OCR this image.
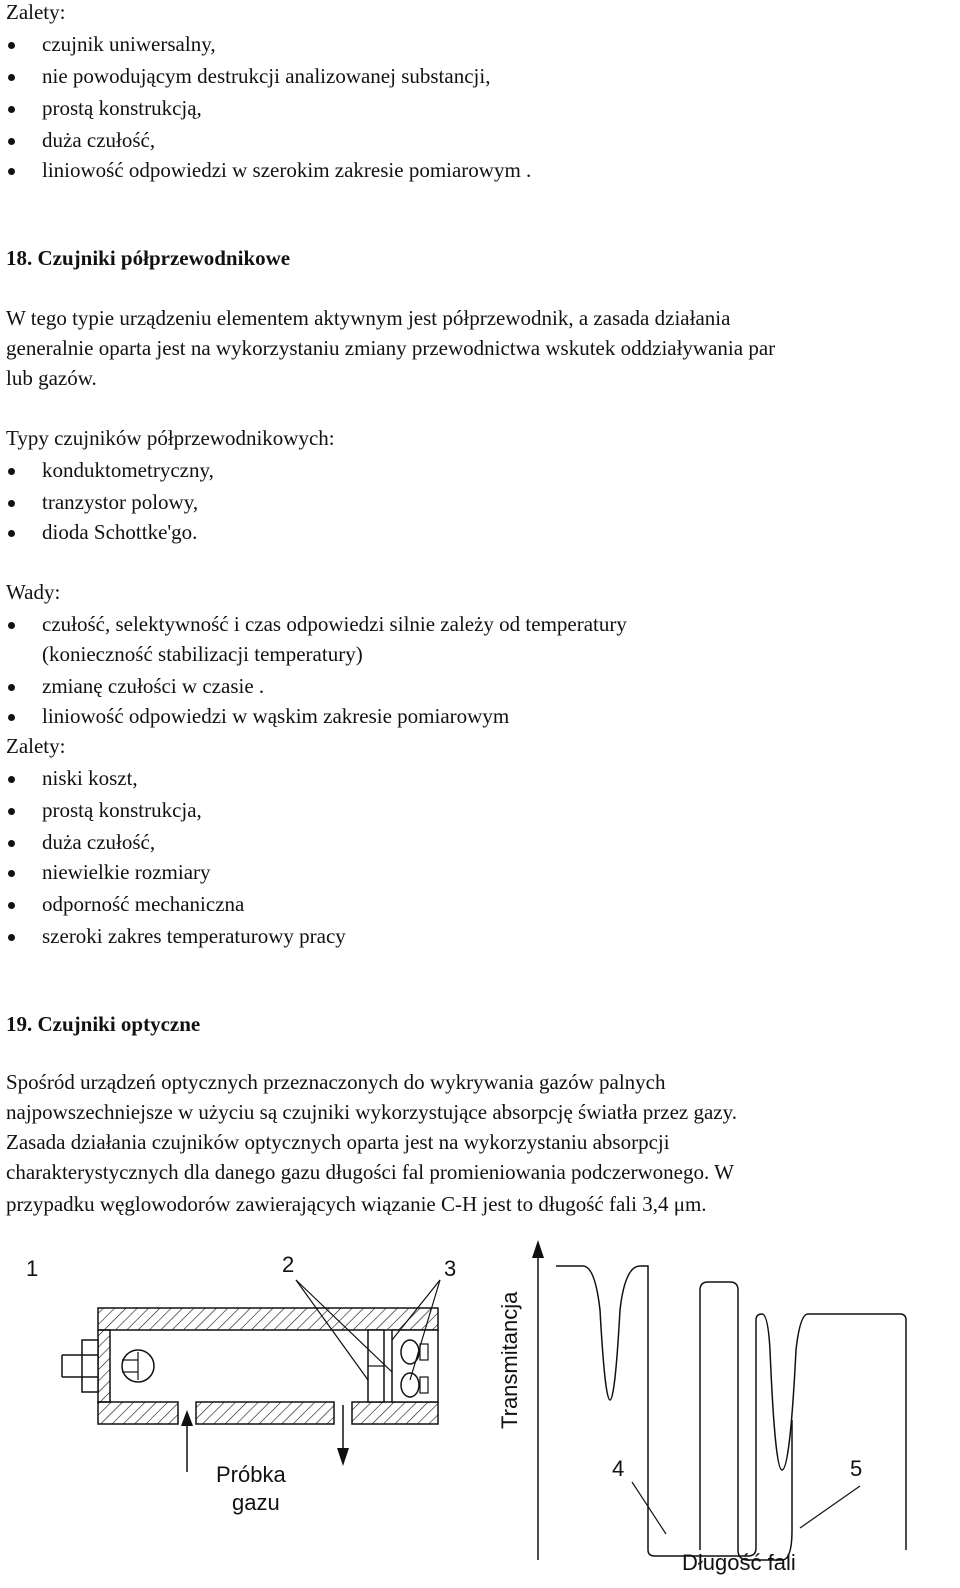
Zalety:
czujnik uniwersalny,
nie powodującym destrukcji analizowanej substancji,
prostą konstrukcją,
duża czułość,
liniowość odpowiedzi w szerokim zakresie pomiarowym .
18. Czujniki półprzewodnikowe
W tego typie urządzeniu elementem aktywnym jest półprzewodnik, a zasada działania
generalnie oparta jest na wykorzystaniu zmiany przewodnictwa wskutek oddziaływania par
lub gazów.
Typy czujników półprzewodnikowych:
konduktometryczny,
tranzystor polowy,
dioda Schottke'go.
Wady:
czułość, selektywność i czas odpowiedzi silnie zależy od temperatury
(konieczność stabilizacji temperatury)
zmianę czułości w czasie .
liniowość odpowiedzi w wąskim zakresie pomiarowym
Zalety:
niski koszt,
prostą konstrukcja,
duża czułość,
niewielkie rozmiary
odporność mechaniczna
szeroki zakres temperaturowy pracy
19. Czujniki optyczne
Spośród urządzeń optycznych przeznaczonych do wykrywania gazów palnych
najpowszechniejsze w użyciu są czujniki wykorzystujące absorpcję światła przez gazy.
Zasada działania czujników optycznych oparta jest na wykorzystaniu absorpcji
charakterystycznych dla danego gazu długości fal promieniowania podczerwonego. W
przypadku węglowodorów zawierających wiązanie C-H jest to długość fali 3,4 μm.
1	2	3
Próbka
gazu
4	5
Długość fali
Transmitancja
